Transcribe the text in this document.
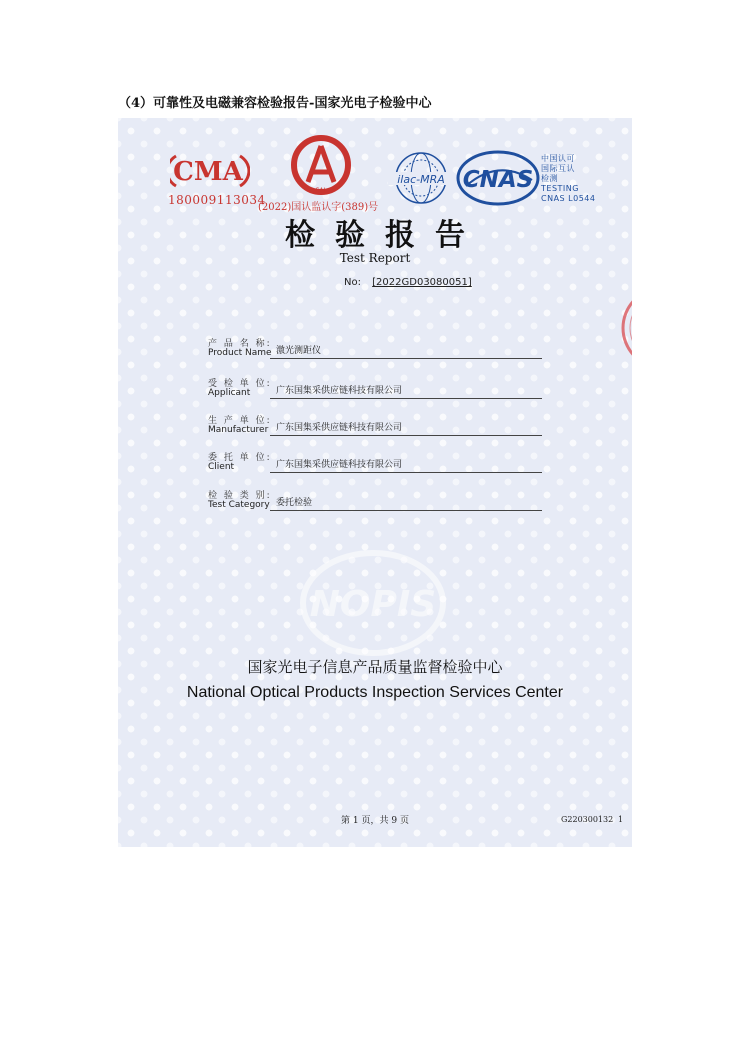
（4）可靠性及电磁兼容检验报告-国家光电子检验中心
CMA
180009113034
CAL
ilac-MRA CNAS
中国认可
国际互认
检测
TESTING
CNAS L0544
(2022)国认监认字(389)号
检验报告
Test Report
No: [2022GD03080051]
产 品 名 称:
Product Name 激光测距仪
受 检 单 位:
Applicant	广东国集采供应链科技有限公司
生 产 单 位:
Manufacturer 广东国集采供应链科技有限公司
委 托 单 位:
Client	广东国集采供应链科技有限公司
检 验 类 别:
Test Category 委托检验
NOPIS
国家光电子信息产品质量监督检验中心
National Optical Products Inspection Services Center
第 1 页，共 9 页	G220300132 1
